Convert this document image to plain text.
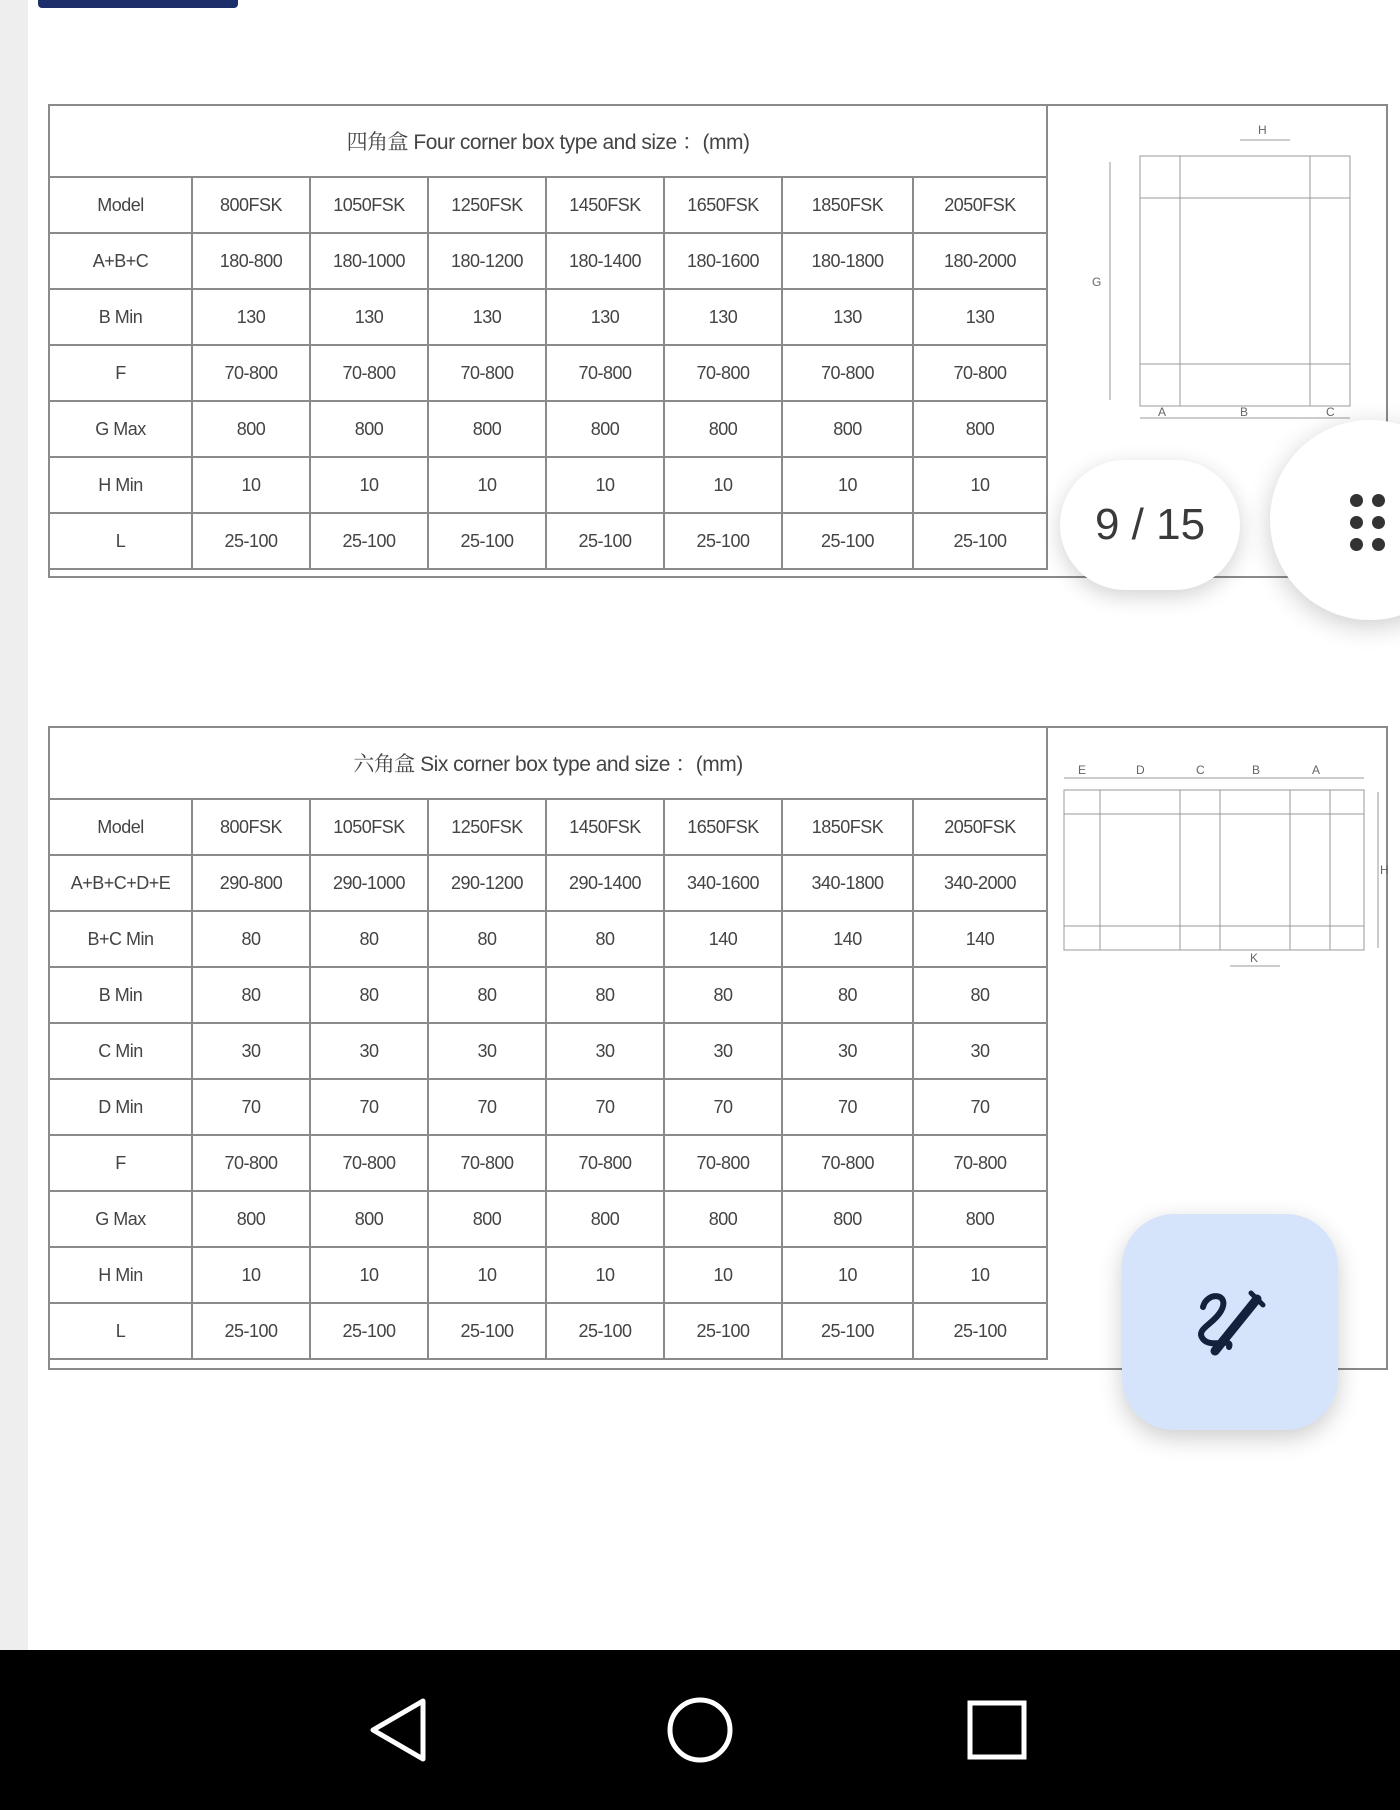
四角盒 Four corner box type and size ：(mm)							
Model	800FSK	1050FSK	1250FSK	1450FSK	1650FSK	1850FSK	2050FSK
A+B+C	180-800	180-1000	180-1200	180-1400	180-1600	180-1800	180-2000
B Min	130	130	130	130	130	130	130
F	70-800	70-800	70-800	70-800	70-800	70-800	70-800
G Max	800	800	800	800	800	800	800
H Min	10	10	10	10	10	10	10
L	25-100	25-100	25-100	25-100	25-100	25-100	25-100
H
G
A	B	C
六角盒 Six corner box type and size ：(mm)							
Model	800FSK	1050FSK	1250FSK	1450FSK	1650FSK	1850FSK	2050FSK
A+B+C+D+E	290-800	290-1000	290-1200	290-1400	340-1600	340-1800	340-2000
B+C Min	80	80	80	80	140	140	140
B Min	80	80	80	80	80	80	80
C Min	30	30	30	30	30	30	30
D Min	70	70	70	70	70	70	70
F	70-800	70-800	70-800	70-800	70-800	70-800	70-800
G Max	800	800	800	800	800	800	800
H Min	10	10	10	10	10	10	10
L	25-100	25-100	25-100	25-100	25-100	25-100	25-100
E	D	C	B	A
H
K
9 / 15
